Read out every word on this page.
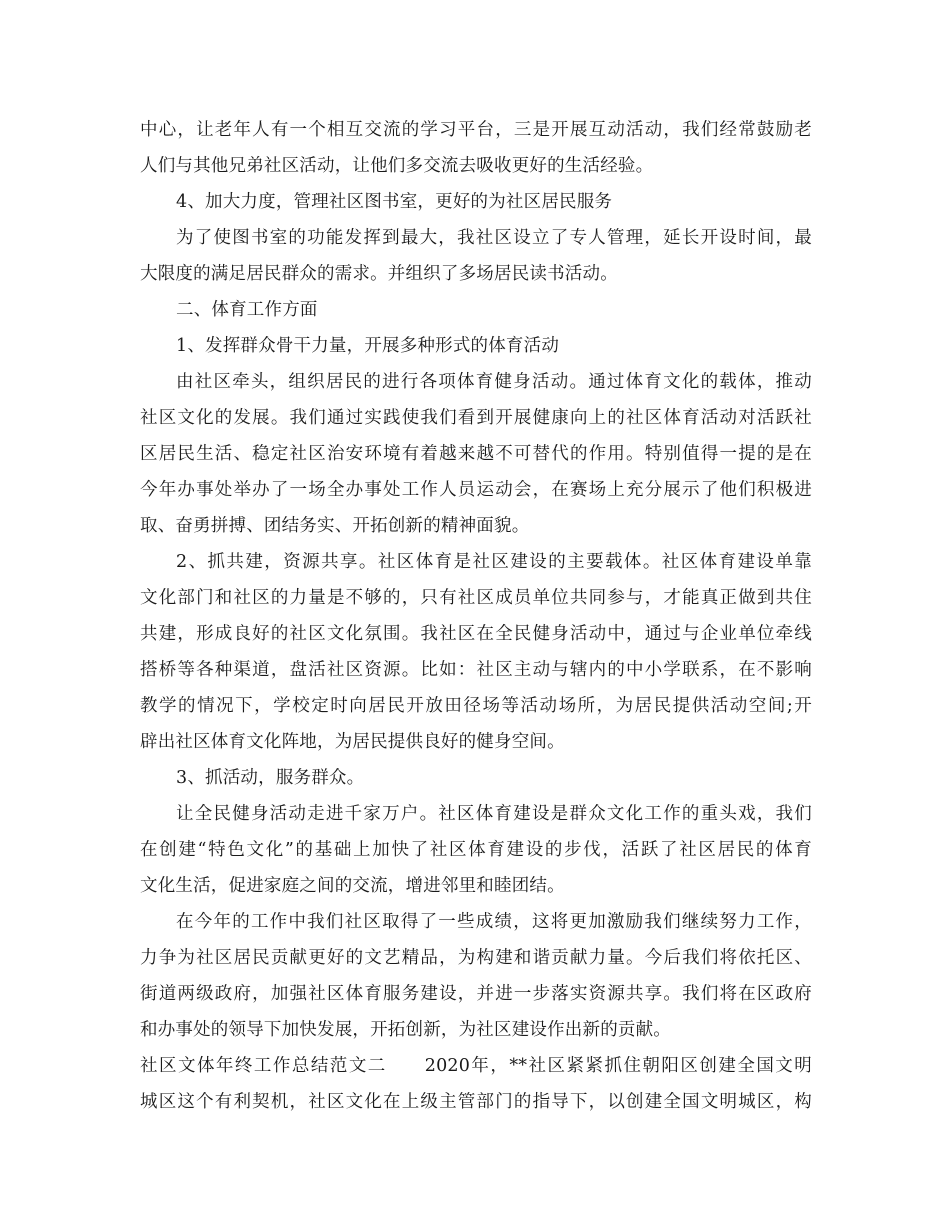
中心，让老年人有一个相互交流的学习平台，三是开展互动活动，我们经常鼓励老
人们与其他兄弟社区活动，让他们多交流去吸收更好的生活经验。
4、加大力度，管理社区图书室，更好的为社区居民服务
为了使图书室的功能发挥到最大，我社区设立了专人管理，延长开设时间，最
大限度的满足居民群众的需求。并组织了多场居民读书活动。
二、体育工作方面
1、发挥群众骨干力量，开展多种形式的体育活动
由社区牵头，组织居民的进行各项体育健身活动。通过体育文化的载体，推动
社区文化的发展。我们通过实践使我们看到开展健康向上的社区体育活动对活跃社
区居民生活、稳定社区治安环境有着越来越不可替代的作用。特别值得一提的是在
今年办事处举办了一场全办事处工作人员运动会，在赛场上充分展示了他们积极进
取、奋勇拼搏、团结务实、开拓创新的精神面貌。
2、抓共建，资源共享。社区体育是社区建设的主要载体。社区体育建设单靠
文化部门和社区的力量是不够的，只有社区成员单位共同参与，才能真正做到共住
共建，形成良好的社区文化氛围。我社区在全民健身活动中，通过与企业单位牵线
搭桥等各种渠道，盘活社区资源。比如：社区主动与辖内的中小学联系，在不影响
教学的情况下，学校定时向居民开放田径场等活动场所，为居民提供活动空间;开
辟出社区体育文化阵地，为居民提供良好的健身空间。
3、抓活动，服务群众。
让全民健身活动走进千家万户。社区体育建设是群众文化工作的重头戏，我们
在创建“特色文化”的基础上加快了社区体育建设的步伐，活跃了社区居民的体育
文化生活，促进家庭之间的交流，增进邻里和睦团结。
在今年的工作中我们社区取得了一些成绩，这将更加激励我们继续努力工作，
力争为社区居民贡献更好的文艺精品，为构建和谐贡献力量。今后我们将依托区、
街道两级政府，加强社区体育服务建设，并进一步落实资源共享。我们将在区政府
和办事处的领导下加快发展，开拓创新，为社区建设作出新的贡献。
社区文体年终工作总结范文二　　2020年，**社区紧紧抓住朝阳区创建全国文明
城区这个有利契机，社区文化在上级主管部门的指导下，以创建全国文明城区，构
